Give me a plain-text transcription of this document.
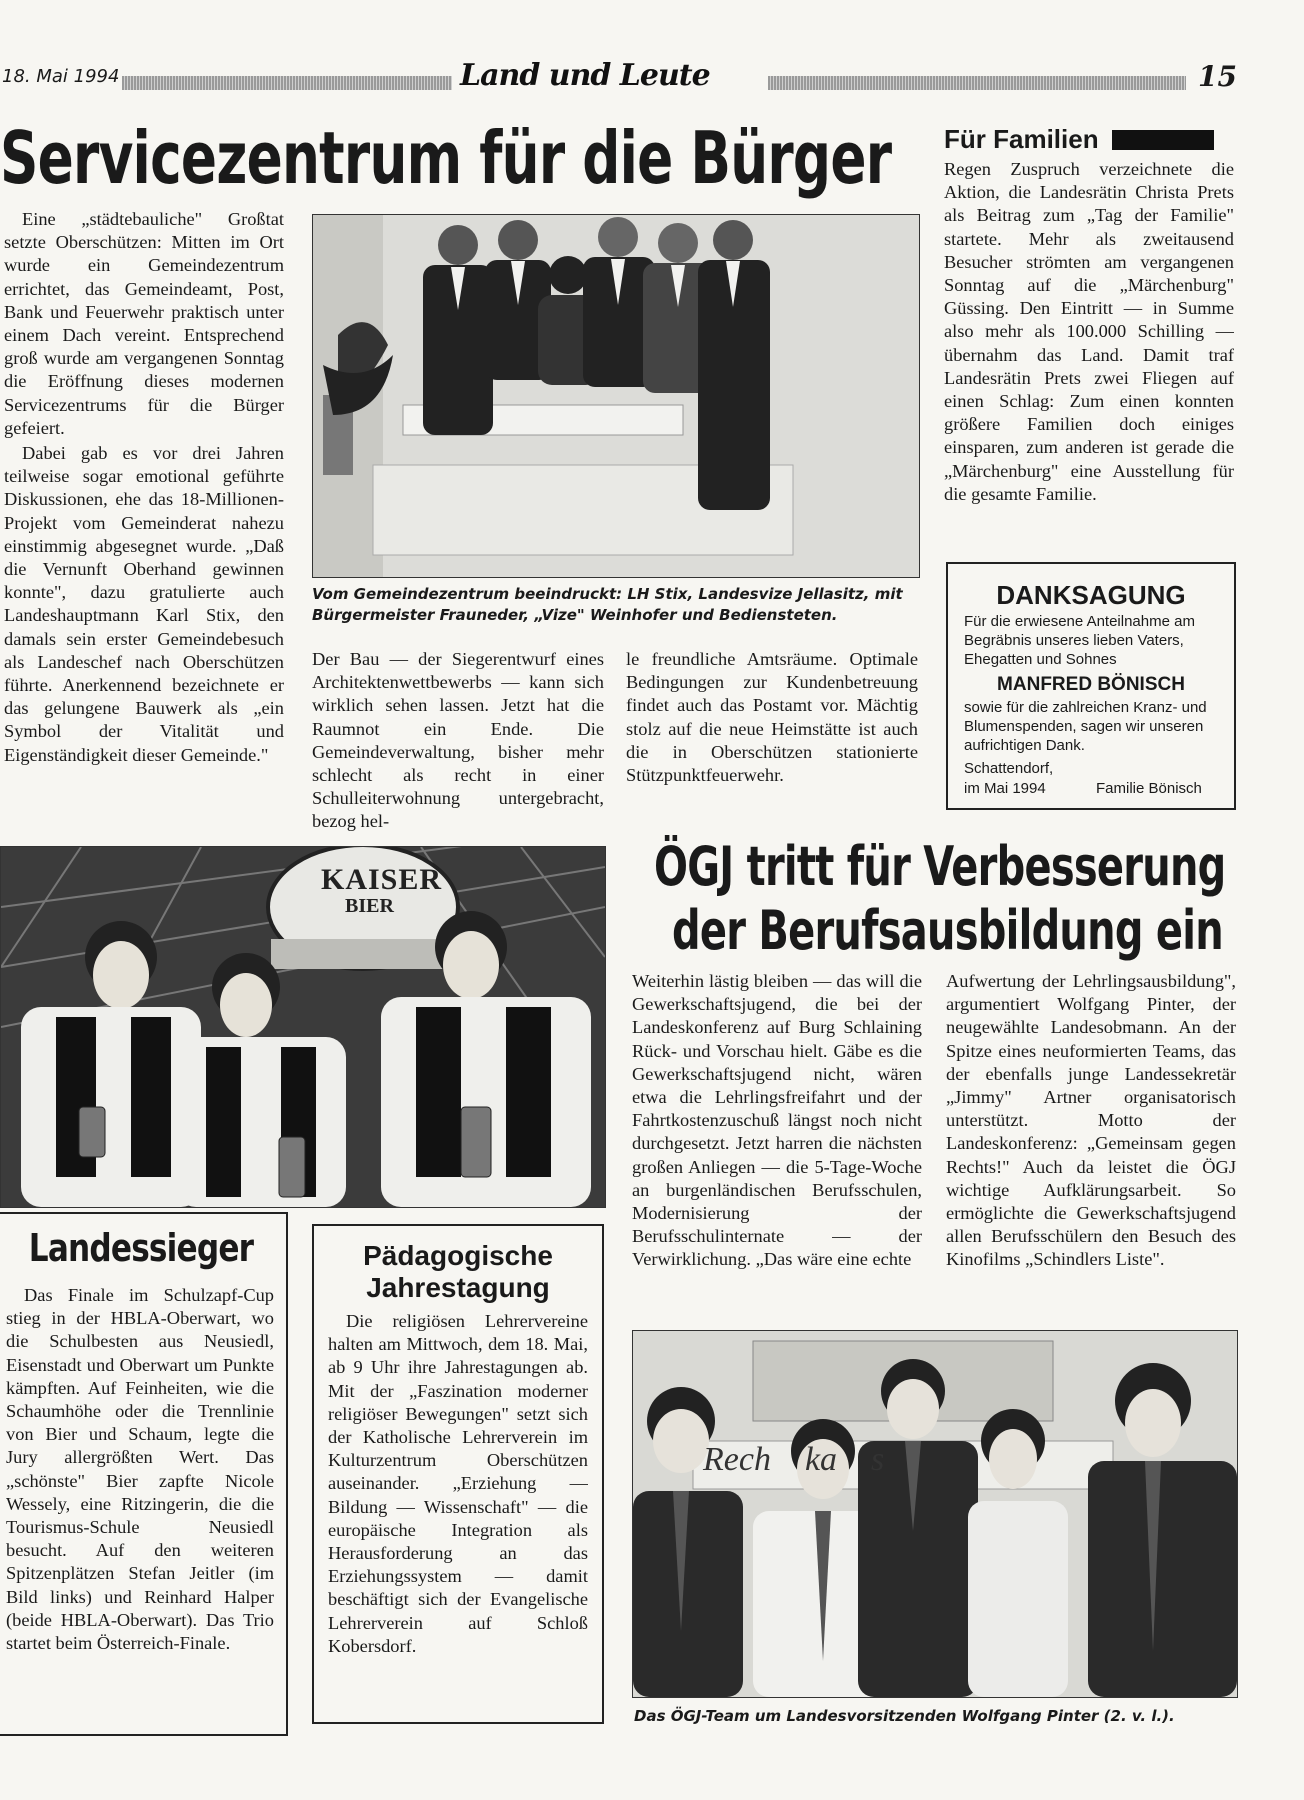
18. Mai 1994	Land und Leute	15
Servicezentrum für die Bürger

Eine „städtebauliche" Großtat setzte Oberschützen: Mitten im Ort wurde ein Gemeindezentrum errichtet, das Gemeindeamt, Post, Bank und Feuerwehr praktisch unter einem Dach vereint. Entsprechend groß wurde am vergangenen Sonntag die Eröffnung dieses modernen Servicezentrums für die Bürger gefeiert.

Dabei gab es vor drei Jahren teilweise sogar emotional geführte Diskussionen, ehe das 18-Millionen-Projekt vom Gemeinderat nahezu einstimmig abgesegnet wurde. „Daß die Vernunft Oberhand gewinnen konnte", dazu gratulierte auch Landeshauptmann Karl Stix, den damals sein erster Gemeindebesuch als Landeschef nach Oberschützen führte. Anerkennend bezeichnete er das gelungene Bauwerk als „ein Symbol der Vitalität und Eigenständigkeit dieser Gemeinde."

Vom Gemeindezentrum beeindruckt: LH Stix, Landesvize Jellasitz, mit Bürgermeister Frauneder, „Vize" Weinhofer und Bediensteten.
Der Bau — der Siegerentwurf eines Architektenwettbewerbs — kann sich wirklich sehen lassen. Jetzt hat die Raumnot ein Ende. Die Gemeindeverwaltung, bisher mehr schlecht als recht in einer Schulleiterwohnung untergebracht, bezog hel-
le freundliche Amtsräume. Optimale Bedingungen zur Kundenbetreuung findet auch das Postamt vor. Mächtig stolz auf die neue Heimstätte ist auch die in Oberschützen stationierte Stützpunktfeuerwehr.
Für Familien
Regen Zuspruch verzeichnete die Aktion, die Landesrätin Christa Prets als Beitrag zum „Tag der Familie" startete. Mehr als zweitausend Besucher strömten am vergangenen Sonntag auf die „Märchenburg" Güssing. Den Eintritt — in Summe also mehr als 100.000 Schilling — übernahm das Land. Damit traf Landesrätin Prets zwei Fliegen auf einen Schlag: Zum einen konnten größere Familien doch einiges einsparen, zum anderen ist gerade die „Märchenburg" eine Ausstellung für die gesamte Familie.
DANKSAGUNG
Für die erwiesene Anteilnahme am Begräbnis unseres lieben Vaters, Ehegatten und Sohnes
MANFRED BÖNISCH
sowie für die zahlreichen Kranz- und Blumenspenden, sagen wir unseren aufrichtigen Dank.
Schattendorf,
im Mai 1994	Familie Bönisch
KAISER
BIER
ÖGJ tritt für Verbesserung
der Berufsausbildung ein
Weiterhin lästig bleiben — das will die Gewerkschaftsjugend, die bei der Landeskonferenz auf Burg Schlaining Rück- und Vorschau hielt. Gäbe es die Gewerkschaftsjugend nicht, wären etwa die Lehrlingsfreifahrt und der Fahrtkostenzuschuß längst noch nicht durchgesetzt. Jetzt harren die nächsten großen Anliegen — die 5-Tage-Woche an burgenländischen Berufsschulen, Modernisierung der Berufsschulinternate — der Verwirklichung. „Das wäre eine echte
Aufwertung der Lehrlingsausbildung", argumentiert Wolfgang Pinter, der neugewählte Landesobmann. An der Spitze eines neuformierten Teams, das der ebenfalls junge Landessekretär „Jimmy" Artner organisatorisch unterstützt. Motto der Landeskonferenz: „Gemeinsam gegen Rechts!" Auch da leistet die ÖGJ wichtige Aufklärungsarbeit. So ermöglichte die Gewerkschaftsjugend allen Berufsschülern den Besuch des Kinofilms „Schindlers Liste".
Landessieger
Das Finale im Schulzapf-Cup stieg in der HBLA-Oberwart, wo die Schulbesten aus Neusiedl, Eisenstadt und Oberwart um Punkte kämpften. Auf Feinheiten, wie die Schaumhöhe oder die Trennlinie von Bier und Schaum, legte die Jury allergrößten Wert. Das „schönste" Bier zapfte Nicole Wessely, eine Ritzingerin, die die Tourismus-Schule Neusiedl besucht. Auf den weiteren Spitzenplätzen Stefan Jeitler (im Bild links) und Reinhard Halper (beide HBLA-Oberwart). Das Trio startet beim Österreich-Finale.
Pädagogische
Jahrestagung
Die religiösen Lehrervereine halten am Mittwoch, dem 18. Mai, ab 9 Uhr ihre Jahrestagungen ab. Mit der „Faszination moderner religiöser Bewegungen" setzt sich der Katholische Lehrerverein im Kulturzentrum Oberschützen auseinander. „Erziehung — Bildung — Wissenschaft" — die europäische Integration als Herausforderung an das Erziehungssystem — damit beschäftigt sich der Evangelische Lehrerverein auf Schloß Kobersdorf.
Rech    ka    s
Das ÖGJ-Team um Landesvorsitzenden Wolfgang Pinter (2. v. l.).
